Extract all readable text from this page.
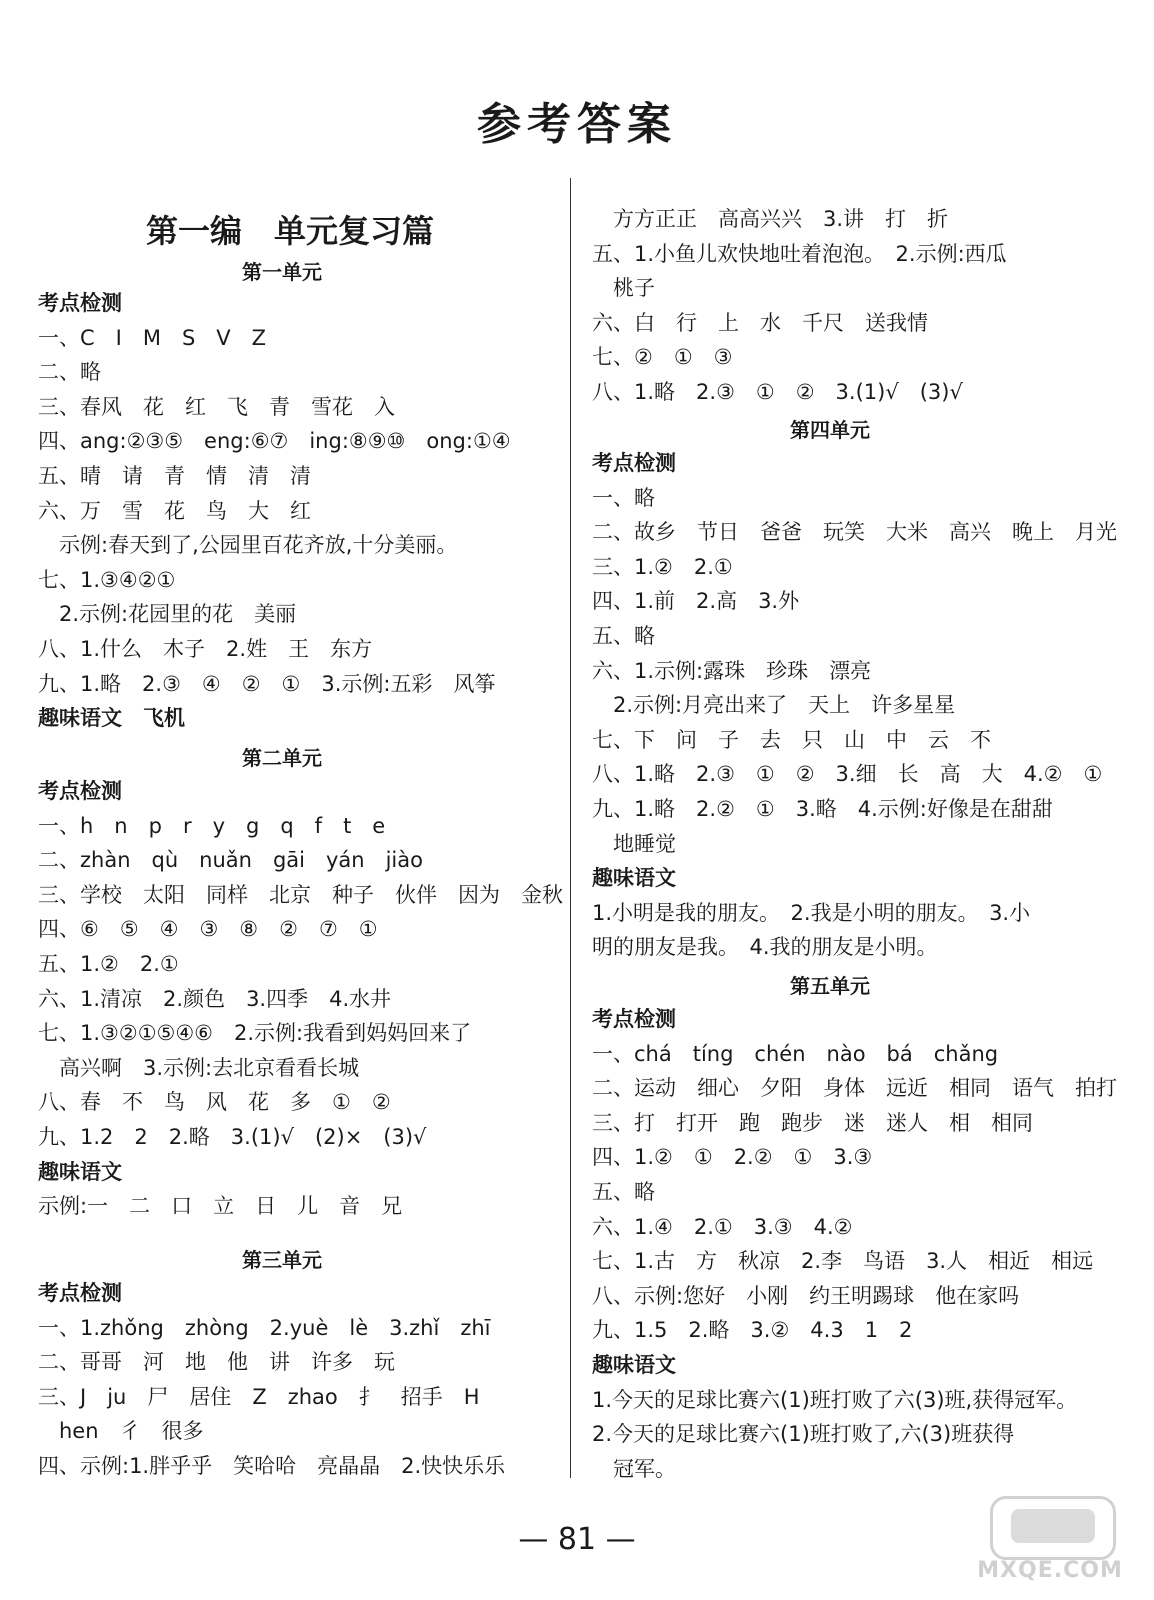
参考答案
第一编　单元复习篇
第一单元
考点检测
一、C　I　M　S　V　Z
二、略
三、春风　花　红　飞　青　雪花　入
四、ang:②③⑤　eng:⑥⑦　ing:⑧⑨⑩　ong:①④
五、晴　请　青　情　清　清
六、万　雪　花　鸟　大　红
　示例:春天到了,公园里百花齐放,十分美丽。
七、1.③④②①
　2.示例:花园里的花　美丽
八、1.什么　木子　2.姓　王　东方
九、1.略　2.③　④　②　①　3.示例:五彩　风筝
趣味语文　飞机
第二单元
考点检测
一、h　n　p　r　y　g　q　f　t　e
二、zhàn　qù　nuǎn　gāi　yán　jiào
三、学校　太阳　同样　北京　种子　伙伴　因为　金秋
四、⑥　⑤　④　③　⑧　②　⑦　①
五、1.②　2.①
六、1.清凉　2.颜色　3.四季　4.水井
七、1.③②①⑤④⑥　2.示例:我看到妈妈回来了
　高兴啊　3.示例:去北京看看长城
八、春　不　鸟　风　花　多　①　②
九、1.2　2　2.略　3.(1)√　(2)×　(3)√
趣味语文
示例:一　二　口　立　日　儿　音　兄
第三单元
考点检测
一、1.zhǒng　zhòng　2.yuè　lè　3.zhǐ　zhī
二、哥哥　河　地　他　讲　许多　玩
三、J　ju　尸　居住　Z　zhao　扌　招手　H
　hen　彳　很多
四、示例:1.胖乎乎　笑哈哈　亮晶晶　2.快快乐乐
　方方正正　高高兴兴　3.讲　打　折
五、1.小鱼儿欢快地吐着泡泡。　2.示例:西瓜
　桃子
六、白　行　上　水　千尺　送我情
七、②　①　③
八、1.略　2.③　①　②　3.(1)√　(3)√
第四单元
考点检测
一、略
二、故乡　节日　爸爸　玩笑　大米　高兴　晚上　月光
三、1.②　2.①
四、1.前　2.高　3.外
五、略
六、1.示例:露珠　珍珠　漂亮
　2.示例:月亮出来了　天上　许多星星
七、下　问　子　去　只　山　中　云　不
八、1.略　2.③　①　②　3.细　长　高　大　4.②　①
九、1.略　2.②　①　3.略　4.示例:好像是在甜甜
　地睡觉
趣味语文
1.小明是我的朋友。　2.我是小明的朋友。　3.小
明的朋友是我。　4.我的朋友是小明。
第五单元
考点检测
一、chá　tíng　chén　nào　bá　chǎng
二、运动　细心　夕阳　身体　远近　相同　语气　拍打
三、打　打开　跑　跑步　迷　迷人　相　相同
四、1.②　①　2.②　①　3.③
五、略
六、1.④　2.①　3.③　4.②
七、1.古　方　秋凉　2.李　鸟语　3.人　相近　相远
八、示例:您好　小刚　约王明踢球　他在家吗
九、1.5　2.略　3.②　4.3　1　2
趣味语文
1.今天的足球比赛六(1)班打败了六(3)班,获得冠军。
2.今天的足球比赛六(1)班打败了,六(3)班获得
　冠军。
— 81 —
MXQE.COM
